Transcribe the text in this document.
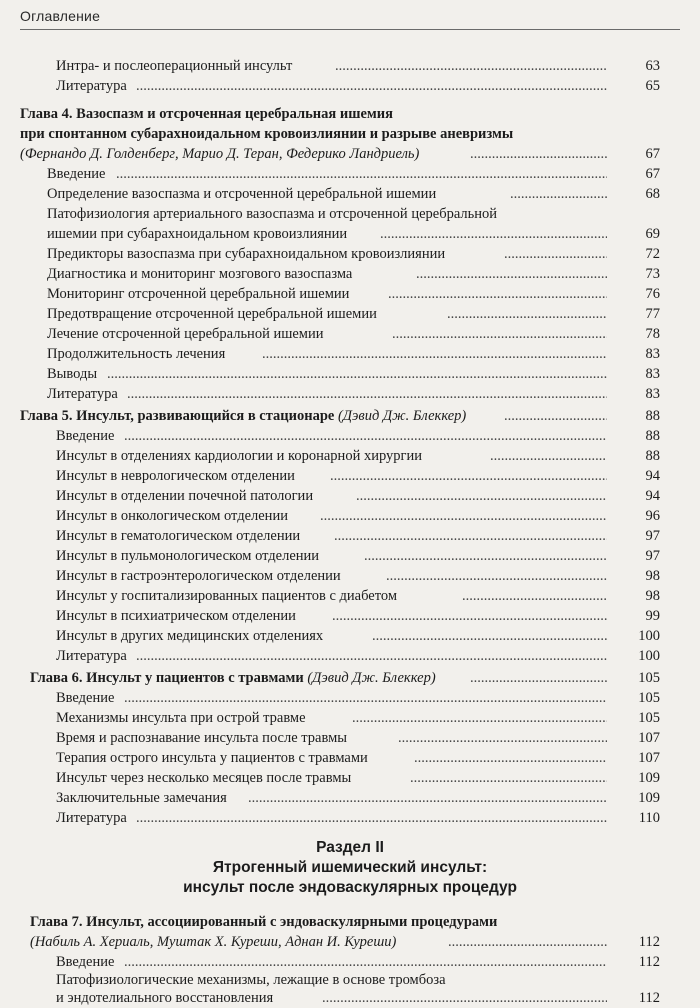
Оглавление
Интра- и послеоперационный инсульт .....	63
Литература .....	65
Глава 4. Вазоспазм и отсроченная церебральная ишемия
при спонтанном субарахноидальном кровоизлиянии и разрыве аневризмы
(Фернандо Д. Голденберг, Марио Д. Теран, Федерико Ландриель) .....	67
Введение .....	67
Определение вазоспазма и отсроченной церебральной ишемии .....	68
Патофизиология артериального вазоспазма и отсроченной церебральной
ишемии при субарахноидальном кровоизлиянии .....	69
Предикторы вазоспазма при субарахноидальном кровоизлиянии .....	72
Диагностика и мониторинг мозгового вазоспазма .....	73
Мониторинг отсроченной церебральной ишемии .....	76
Предотвращение отсроченной церебральной ишемии .....	77
Лечение отсроченной церебральной ишемии .....	78
Продолжительность лечения .....	83
Выводы .....	83
Литература .....	83
Глава 5. Инсульт, развивающийся в стационаре (Дэвид Дж. Блеккер) .....	88
Введение .....	88
Инсульт в отделениях кардиологии и коронарной хирургии .....	88
Инсульт в неврологическом отделении .....	94
Инсульт в отделении почечной патологии .....	94
Инсульт в онкологическом отделении .....	96
Инсульт в гематологическом отделении .....	97
Инсульт в пульмонологическом отделении .....	97
Инсульт в гастроэнтерологическом отделении .....	98
Инсульт у госпитализированных пациентов с диабетом .....	98
Инсульт в психиатрическом отделении .....	99
Инсульт в других медицинских отделениях .....	100
Литература .....	100
Глава 6. Инсульт у пациентов с травмами (Дэвид Дж. Блеккер) .....	105
Введение .....	105
Механизмы инсульта при острой травме .....	105
Время и распознавание инсульта после травмы .....	107
Терапия острого инсульта у пациентов с травмами .....	107
Инсульт через несколько месяцев после травмы .....	109
Заключительные замечания .....	109
Литература .....	110
Раздел II
Ятрогенный ишемический инсульт:
инсульт после эндоваскулярных процедур
Глава 7. Инсульт, ассоциированный с эндоваскулярными процедурами
(Набиль А. Хериаль, Муштак Х. Куреши, Аднан И. Куреши) .....	112
Введение .....	112
Патофизиологические механизмы, лежащие в основе тромбоза
и эндотелиального восстановления .....	112
